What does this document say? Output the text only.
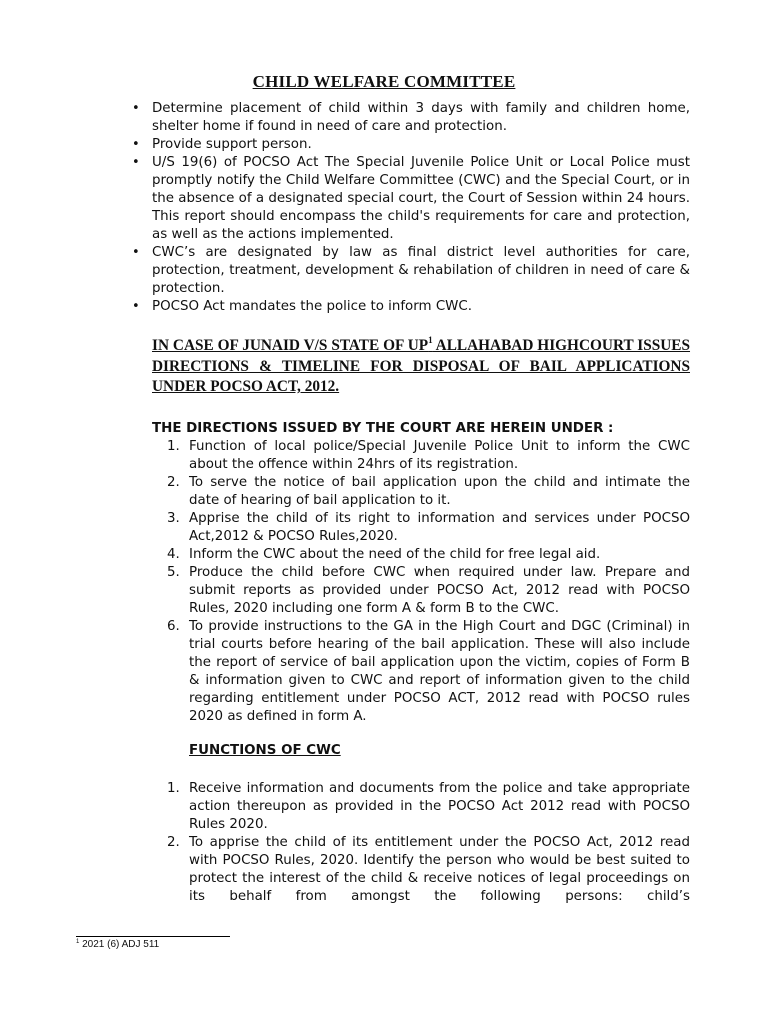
CHILD WELFARE COMMITTEE
• Determine placement of child within 3 days with family and children home, shelter home if found in need of care and protection.
• Provide support person.
• U/S 19(6) of POCSO Act The Special Juvenile Police Unit or Local Police must promptly notify the Child Welfare Committee (CWC) and the Special Court, or in the absence of a designated special court, the Court of Session within 24 hours. This report should encompass the child's requirements for care and protection, as well as the actions implemented.
• CWC’s are designated by law as final district level authorities for care, protection, treatment, development & rehabilation of children in need of care & protection.
• POCSO Act mandates the police to inform CWC.

IN CASE OF JUNAID V/S STATE OF $UP^1$ ALLAHABAD HIGHCOURT ISSUES DIRECTIONS & TIMELINE FOR DISPOSAL OF BAIL APPLICATIONS UNDER POCSO ACT, 2012.

THE DIRECTIONS ISSUED BY THE COURT ARE HEREIN UNDER :

1. Function of local police/Special Juvenile Police Unit to inform the CWC about the offence within 24hrs of its registration.
2. To serve the notice of bail application upon the child and intimate the date of hearing of bail application to it.
3. Apprise the child of its right to information and services under POCSO Act,2012 & POCSO Rules,2020.
4. Inform the CWC about the need of the child for free legal aid.
5. Produce the child before CWC when required under law. Prepare and submit reports as provided under POCSO Act, 2012 read with POCSO Rules, 2020 including one form A & form B to the CWC.
6. To provide instructions to the GA in the High Court and DGC (Criminal) in trial courts before hearing of the bail application. These will also include the report of service of bail application upon the victim, copies of Form B & information given to CWC and report of information given to the child regarding entitlement under POCSO ACT, 2012 read with POCSO rules 2020 as defined in form A.

FUNCTIONS OF CWC

1. Receive information and documents from the police and take appropriate action thereupon as provided in the POCSO Act 2012 read with POCSO Rules 2020.
2. To apprise the child of its entitlement under the POCSO Act, 2012 read with POCSO Rules, 2020. Identify the person who would be best suited to protect the interest of the child & receive notices of legal proceedings on its behalf from amongst the following persons: child’s
$^1$ 2021 (6) ADJ 511
